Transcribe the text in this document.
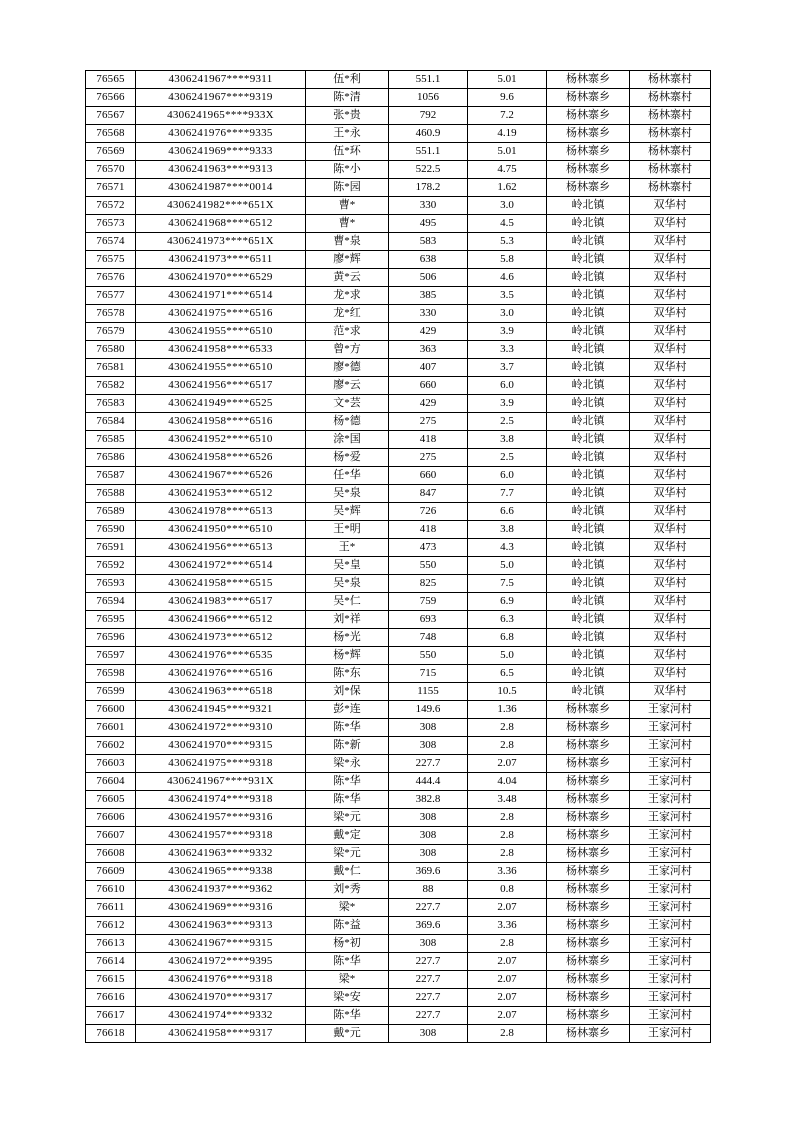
76565	4306241967****9311	伍*利	551.1	5.01	杨林寨乡	杨林寨村
76566	4306241967****9319	陈*清	1056	9.6	杨林寨乡	杨林寨村
76567	4306241965****933X	张*贵	792	7.2	杨林寨乡	杨林寨村
76568	4306241976****9335	王*永	460.9	4.19	杨林寨乡	杨林寨村
76569	4306241969****9333	伍*环	551.1	5.01	杨林寨乡	杨林寨村
76570	4306241963****9313	陈*小	522.5	4.75	杨林寨乡	杨林寨村
76571	4306241987****0014	陈*园	178.2	1.62	杨林寨乡	杨林寨村
76572	4306241982****651X	曹*	330	3.0	岭北镇	双华村
76573	4306241968****6512	曹*	495	4.5	岭北镇	双华村
76574	4306241973****651X	曹*泉	583	5.3	岭北镇	双华村
76575	4306241973****6511	廖*辉	638	5.8	岭北镇	双华村
76576	4306241970****6529	黄*云	506	4.6	岭北镇	双华村
76577	4306241971****6514	龙*求	385	3.5	岭北镇	双华村
76578	4306241975****6516	龙*红	330	3.0	岭北镇	双华村
76579	4306241955****6510	范*求	429	3.9	岭北镇	双华村
76580	4306241958****6533	曾*方	363	3.3	岭北镇	双华村
76581	4306241955****6510	廖*德	407	3.7	岭北镇	双华村
76582	4306241956****6517	廖*云	660	6.0	岭北镇	双华村
76583	4306241949****6525	文*芸	429	3.9	岭北镇	双华村
76584	4306241958****6516	杨*德	275	2.5	岭北镇	双华村
76585	4306241952****6510	涂*国	418	3.8	岭北镇	双华村
76586	4306241958****6526	杨*爱	275	2.5	岭北镇	双华村
76587	4306241967****6526	任*华	660	6.0	岭北镇	双华村
76588	4306241953****6512	吴*泉	847	7.7	岭北镇	双华村
76589	4306241978****6513	吴*辉	726	6.6	岭北镇	双华村
76590	4306241950****6510	王*明	418	3.8	岭北镇	双华村
76591	4306241956****6513	王*	473	4.3	岭北镇	双华村
76592	4306241972****6514	吴*皇	550	5.0	岭北镇	双华村
76593	4306241958****6515	吴*泉	825	7.5	岭北镇	双华村
76594	4306241983****6517	吴*仁	759	6.9	岭北镇	双华村
76595	4306241966****6512	刘*祥	693	6.3	岭北镇	双华村
76596	4306241973****6512	杨*光	748	6.8	岭北镇	双华村
76597	4306241976****6535	杨*辉	550	5.0	岭北镇	双华村
76598	4306241976****6516	陈*东	715	6.5	岭北镇	双华村
76599	4306241963****6518	刘*保	1155	10.5	岭北镇	双华村
76600	4306241945****9321	彭*连	149.6	1.36	杨林寨乡	王家河村
76601	4306241972****9310	陈*华	308	2.8	杨林寨乡	王家河村
76602	4306241970****9315	陈*新	308	2.8	杨林寨乡	王家河村
76603	4306241975****9318	梁*永	227.7	2.07	杨林寨乡	王家河村
76604	4306241967****931X	陈*华	444.4	4.04	杨林寨乡	王家河村
76605	4306241974****9318	陈*华	382.8	3.48	杨林寨乡	王家河村
76606	4306241957****9316	梁*元	308	2.8	杨林寨乡	王家河村
76607	4306241957****9318	戴*定	308	2.8	杨林寨乡	王家河村
76608	4306241963****9332	梁*元	308	2.8	杨林寨乡	王家河村
76609	4306241965****9338	戴*仁	369.6	3.36	杨林寨乡	王家河村
76610	4306241937****9362	刘*秀	88	0.8	杨林寨乡	王家河村
76611	4306241969****9316	梁*	227.7	2.07	杨林寨乡	王家河村
76612	4306241963****9313	陈*益	369.6	3.36	杨林寨乡	王家河村
76613	4306241967****9315	杨*初	308	2.8	杨林寨乡	王家河村
76614	4306241972****9395	陈*华	227.7	2.07	杨林寨乡	王家河村
76615	4306241976****9318	梁*	227.7	2.07	杨林寨乡	王家河村
76616	4306241970****9317	梁*安	227.7	2.07	杨林寨乡	王家河村
76617	4306241974****9332	陈*华	227.7	2.07	杨林寨乡	王家河村
76618	4306241958****9317	戴*元	308	2.8	杨林寨乡	王家河村
